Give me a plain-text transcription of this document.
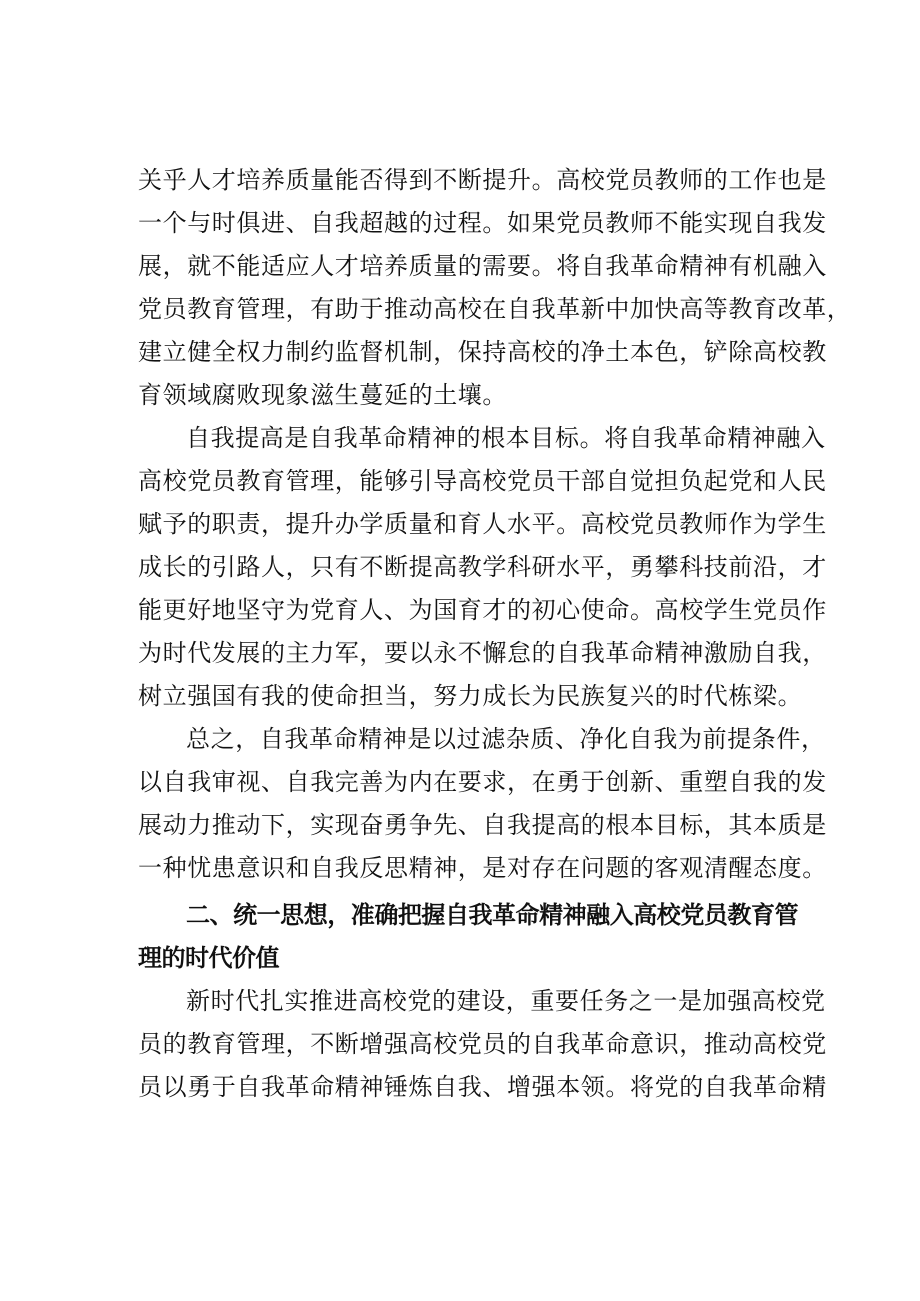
关乎人才培养质量能否得到不断提升。高校党员教师的工作也是

一个与时俱进、自我超越的过程。如果党员教师不能实现自我发

展，就不能适应人才培养质量的需要。将自我革命精神有机融入

党员教育管理，有助于推动高校在自我革新中加快高等教育改革，

建立健全权力制约监督机制，保持高校的净土本色，铲除高校教

育领域腐败现象滋生蔓延的土壤。

自我提高是自我革命精神的根本目标。将自我革命精神融入

高校党员教育管理，能够引导高校党员干部自觉担负起党和人民

赋予的职责，提升办学质量和育人水平。高校党员教师作为学生

成长的引路人，只有不断提高教学科研水平，勇攀科技前沿，才

能更好地坚守为党育人、为国育才的初心使命。高校学生党员作

为时代发展的主力军，要以永不懈怠的自我革命精神激励自我，

树立强国有我的使命担当，努力成长为民族复兴的时代栋梁。

总之，自我革命精神是以过滤杂质、净化自我为前提条件，

以自我审视、自我完善为内在要求，在勇于创新、重塑自我的发

展动力推动下，实现奋勇争先、自我提高的根本目标，其本质是

一种忧患意识和自我反思精神，是对存在问题的客观清醒态度。

二、统一思想，准确把握自我革命精神融入高校党员教育管

理的时代价值

新时代扎实推进高校党的建设，重要任务之一是加强高校党

员的教育管理，不断增强高校党员的自我革命意识，推动高校党

员以勇于自我革命精神锤炼自我、增强本领。将党的自我革命精
